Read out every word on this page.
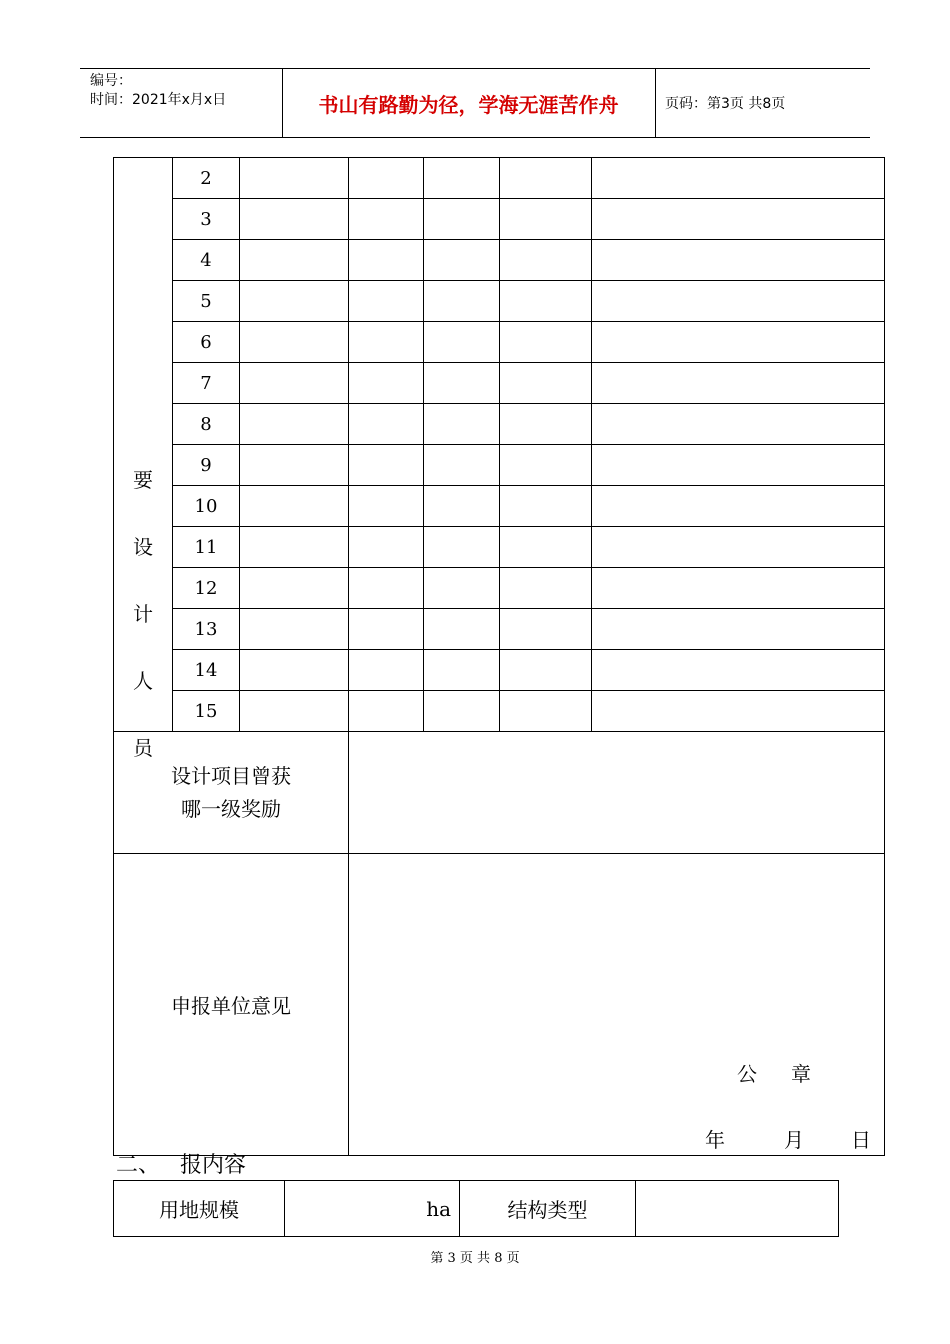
编号：
时间：2021年x月x日	书山有路勤为径，学海无涯苦作舟	页码：第3页 共8页
	2					
	3					
	4					
	5					
	6					
	7					
	8					
	9					
	10					
	11					
	12					
	13					
	14					
	15					

设计项目曾获
哪一级奖励						

申报单位意见			公 章
年 月 日			
要
设
计
人
员
二、 报内容
用地规模	ha	结构类型	
第 3 页 共 8 页
